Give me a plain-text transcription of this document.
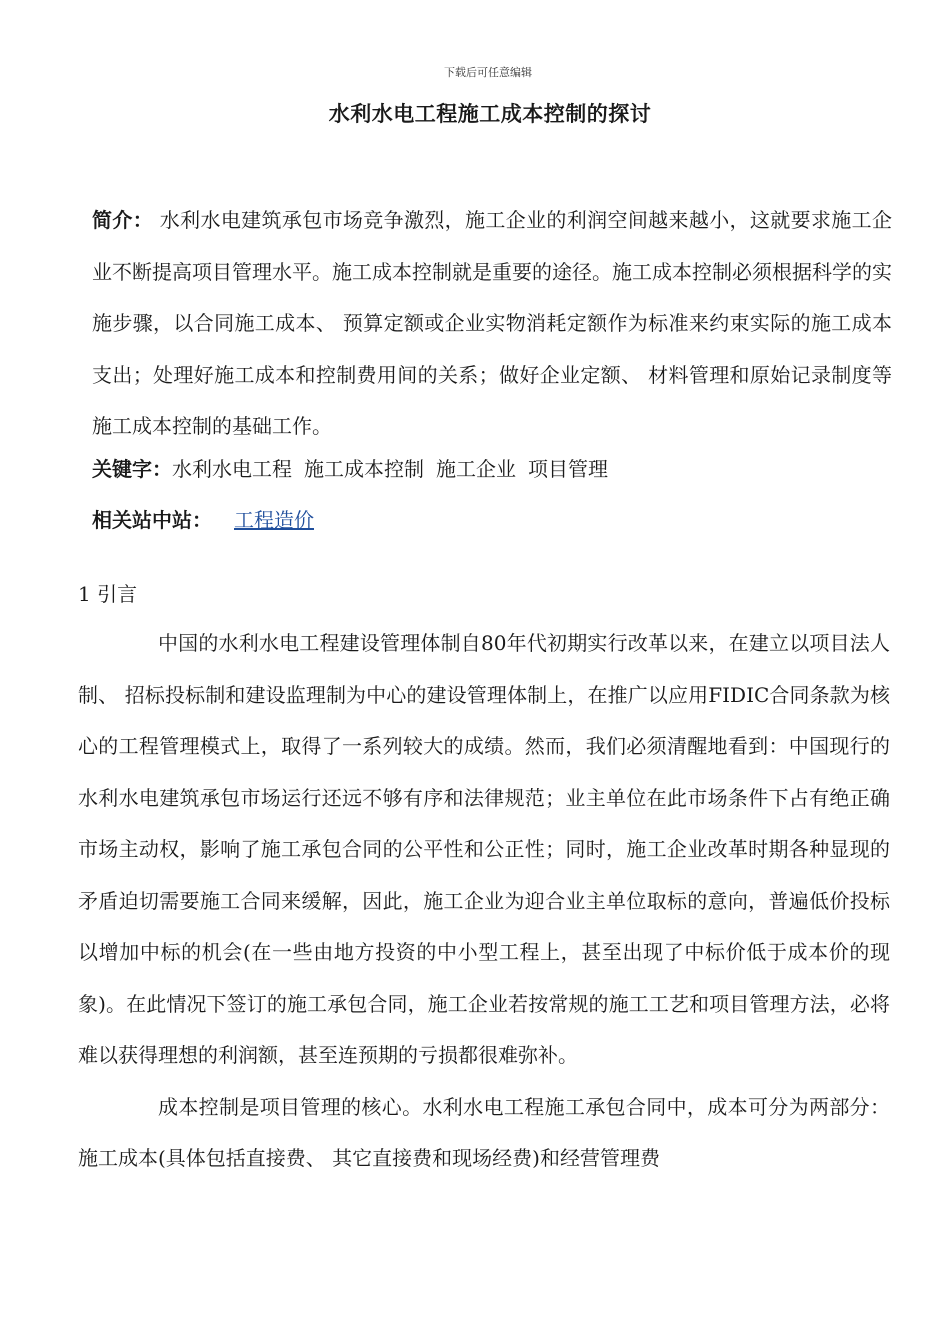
下载后可任意编辑
水利水电工程施工成本控制的探讨

简介： 水利水电建筑承包市场竞争激烈，施工企业的利润空间越来越小，这就要求施工企业不断提高项目管理水平。施工成本控制就是重要的途径。施工成本控制必须根据科学的实施步骤，以合同施工成本、 预算定额或企业实物消耗定额作为标准来约束实际的施工成本支出；处理好施工成本和控制费用间的关系；做好企业定额、 材料管理和原始记录制度等施工成本控制的基础工作。

关键字：水利水电工程 施工成本控制 施工企业 项目管理
相关站中站： 工程造价
1 引言

中国的水利水电工程建设管理体制自80年代初期实行改革以来，在建立以项目法人制、 招标投标制和建设监理制为中心的建设管理体制上，在推广以应用FIDIC合同条款为核心的工程管理模式上，取得了一系列较大的成绩。然而，我们必须清醒地看到：中国现行的水利水电建筑承包市场运行还远不够有序和法律规范；业主单位在此市场条件下占有绝正确市场主动权，影响了施工承包合同的公平性和公正性；同时，施工企业改革时期各种显现的矛盾迫切需要施工合同来缓解，因此，施工企业为迎合业主单位取标的意向，普遍低价投标以增加中标的机会(在一些由地方投资的中小型工程上，甚至出现了中标价低于成本价的现象)。在此情况下签订的施工承包合同，施工企业若按常规的施工工艺和项目管理方法，必将难以获得理想的利润额，甚至连预期的亏损都很难弥补。

成本控制是项目管理的核心。水利水电工程施工承包合同中，成本可分为两部分：施工成本(具体包括直接费、 其它直接费和现场经费)和经营管理费
